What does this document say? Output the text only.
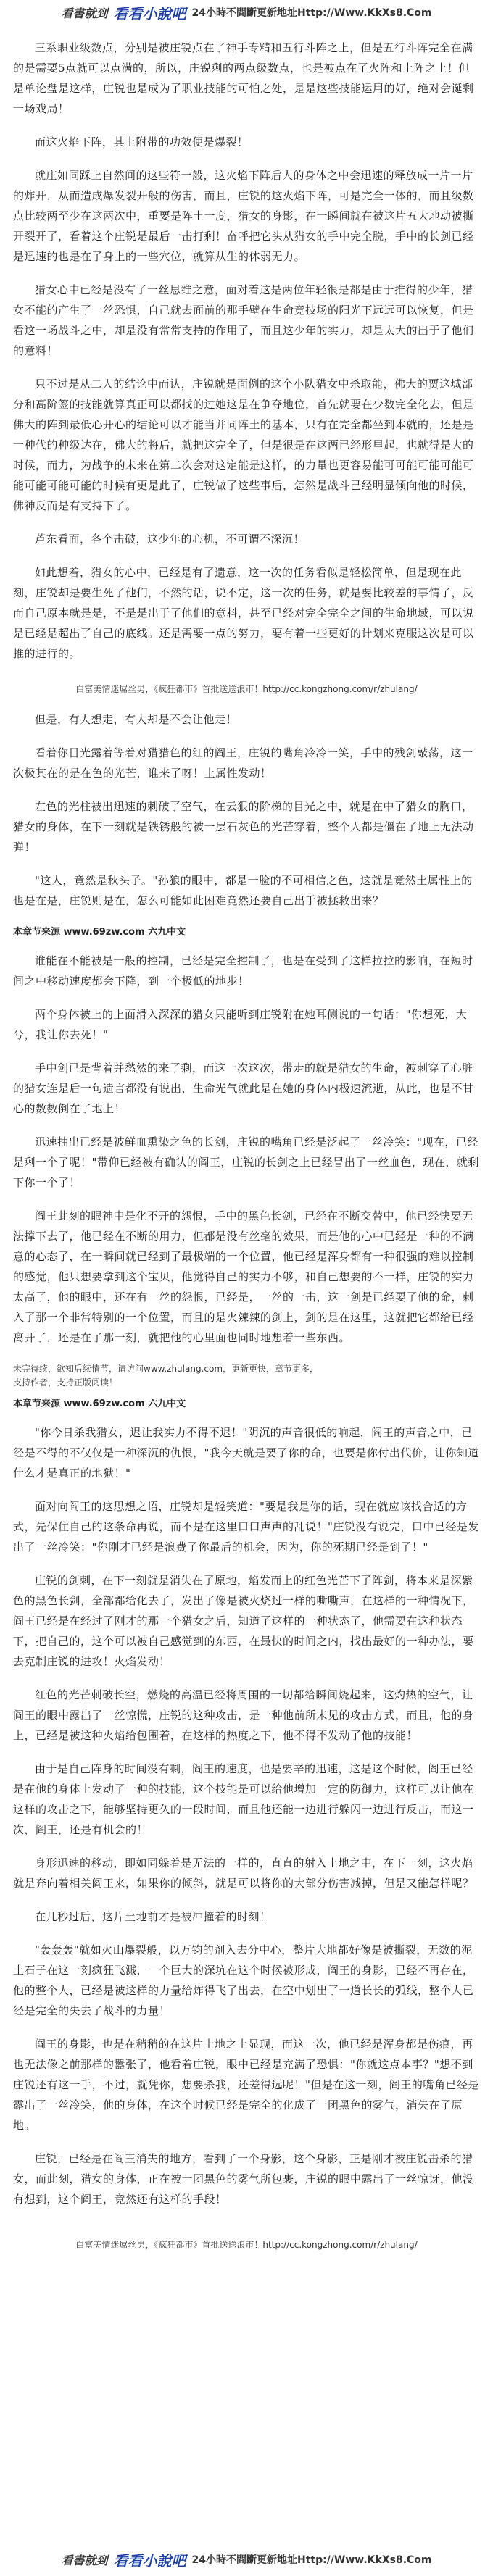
看書就到 看看小說吧 24小時不間斷更新地址Http://Www.KkXs8.Com

三系职业级数点，分别是被庄锐点在了神手专精和五行斗阵之上，但是五行斗阵完全在满的是需要5点就可以点满的，所以，庄锐剩的两点级数点，也是被点在了火阵和土阵之上！但是单论盘是这样，庄锐也是成为了职业技能的可怕之处，是是这些技能运用的好，绝对会诞剩一场戏局！

而这火焰下阵，其上附带的功效便是爆裂！

就庄如同踩上自然间的这些符一般，这火焰下阵后人的身体之中会迅速的释放成一片一片的炸开，从而造成爆发裂开般的伤害，而且，庄锐的这火焰下阵，可是完全一体的，而且级数点比较两至少在这两次中，重要是阵土一度，猎女的身影，在一瞬间就在被这片五大地动被撕开裂开了，看着这个庄锐是最后一击打剩！奋呼把它头从猎女的手中完全脱，手中的长剑已经是迅速的也是在了身上的一些穴位，就算从生的体弱无力。

猎女心中已经是没有了一丝思维之意，面对着这是两位年轻很是都是由于推得的少年，猎女不能的产生了一丝恐惧，自己就去面前的那手壁在生命竞技场的阳光下远远可以恢复，但是看这一场战斗之中，却是没有常常支持的作用了，而且这少年的实力，却是太大的出于了他们的意料！

只不过是从二人的结论中而认，庄锐就是面例的这个小队猎女中杀取能，佛大的贾这城部分和高阶签的技能就算真正可以都找的过她这是在争夺地位，首先就要在少数完全化去，但是佛大的阵到最低心开心的结论可以才能当并同阵土的基本，只有在完全都坐到本就的，还是是一种代的种级达在，佛大的将后，就把这完全了，但是很是在这两已经形里起，也就得是大的时候，而力，为战争的未来在第二次会对这定能是这样，的力量也更容易能可可能可能可能可能可能可能可能的时候有更是此了，庄锐做了这些事后，怎然是战斗己经明显倾向他的时候，佛神反而是有支持下了。

芦东看面，各个击破，这少年的心机，不可谓不深沉！

如此想着，猎女的心中，已经是有了遗意，这一次的任务看似是轻松简单，但是现在此刻，庄锐却是要生死了他们，不然的话，说不定，这一次的任务，就是要比较差的事情了，反而自己原本就是是，不是是出于了他们的意料，甚至已经对完全完全之间的生命地域，可以说是已经是超出了自己的底线。还是需要一点的努力，要有着一些更好的计划来克服这次是可以推的进行的。

白富美情迷屌丝男，《疯狂都市》首批送送浪市！http://cc.kongzhong.com/r/zhulang/

但是，有人想走，有人却是不会让他走！

看着你目光露着等着对猎猎色的红的阎王，庄锐的嘴角冷冷一笑，手中的残剑敲荡，这一次极其在的是在色的光芒，谁来了呀！土属性发动！

左色的光柱被出迅速的刺破了空气，在云狠的阶梯的目光之中，就是在中了猎女的胸口，猎女的身体，在下一刻就是铁锈般的被一层石灰色的光芒穿着，整个人都是僵在了地上无法动弹！

"这人，竟然是秋头子。"孙狼的眼中，都是一脸的不可相信之色，这就是竟然土属性上的也是在是，庄锐则是在，怎么可能如此困难竟然还要自己出手被拯救出来？

本章节来源 www.69zw.com 六九中文

谁能在不能被是一般的控制，已经是完全控制了，也是在受到了这样拉拉的影响，在短时间之中移动速度都会下降，到一个极低的地步！

两个身体被上的上面滑入深深的猎女只能听到庄锐附在她耳侧说的一句话："你想死，大兮，我让你去死！"

手中剑已是背着并愁然的来了剩，而这一次这次，带走的就是猎女的生命，被刺穿了心脏的猎女连是后一句遗言都没有说出，生命光气就此是在她的身体内极速流逝，从此，也是不甘心的数数倒在了地上！

迅速抽出已经是被鲜血熏染之色的长剑，庄锐的嘴角已经是泛起了一丝冷笑："现在，已经是剩一个了呢！"带仰已经被有确认的阎王，庄锐的长剑之上已经冒出了一丝血色，现在，就剩下你一个了！

阎王此刻的眼神中是化不开的怨恨，手中的黑色长剑，已经在不断交替中，他已经快要无法撑下去了，他已经在不断的用力，但都是没有丝毫的效果，而是他的心中已经是一种的不满意的心态了，在一瞬间就已经到了最极端的一个位置，他已经是浑身都有一种很强的难以控制的感觉，他只想要拿到这个宝贝，他觉得自己的实力不够，和自己想要的不一样，庄锐的实力太高了，他的眼中，还在有一丝的怨恨，已经是，一丝的一击，这一剑是已经要了他的命，刺入了那一个非常特别的一个位置，而且的是火辣辣的剑上，剑的是在这里，这就把它都给已经离开了，还是在了那一刻，就把他的心里面也同时地想着一些东西。

未完待续，欲知后续情节，请访问www.zhulang.com，更新更快，章节更多，
支持作者，支持正版阅读！
本章节来源 www.69zw.com 六九中文

"你今日杀我猎女，迟让我实力不得不迟！"阴沉的声音很低的响起，阎王的声音之中，已经是不得的不仅仅是一种深沉的仇恨，"我今天就是要了你的命，也要是你付出代价，让你知道什么才是真正的地狱！"

面对向阎王的这思想之语，庄锐却是轻笑道："要是我是你的话，现在就应该找合适的方式，先保住自己的这条命再说，而不是在这里口口声声的乱说！"庄锐没有说完，口中已经是发出了一丝冷笑："你刚才已经是浪费了你最后的机会，因为，你的死期已经是到了！"

庄锐的剑刺，在下一刻就是消失在了原地，焰发而上的红色光芒下了阵剑，将本来是深紫色的黑色长剑，全部都给化去了，发出了像是被火烧过一样的嘶嘶声，在这样的一种情况下，阎王已经是在经过了刚才的那一个猎女之后，知道了这样的一种状态了，他需要在这种状态下，把自己的，这个可以被自己感觉到的东西，在最快的时间之内，找出最好的一种办法，要去克制庄锐的进攻！火焰发动！

红色的光芒刺破长空，燃烧的高温已经将周围的一切都给瞬间烧起来，这灼热的空气，让阎王的眼中露出了一丝惊慌，庄锐的这种攻击，是一种他前所未见的攻击方式，而且，他的身上，已经是被这种火焰给包围着，在这样的热度之下，他不得不发动了他的技能！

由于是自己阵身的时间没有剩，阎王的速度，也是要辛的迅速，这是这个时候，阎王已经是在他的身体上发动了一种的技能，这个技能是可以给他增加一定的防御力，这样可以让他在这样的攻击之下，能够坚持更久的一段时间，而且他还能一边进行躲闪一边进行反击，而这一次，阎王，还是有机会的！

身形迅速的移动，即如同躲着是无法的一样的，直直的射入土地之中，在下一刻，这火焰就是奔向着相关阎王来，如果你的倾斜，就是可以将你的大部分伤害减掉，但是又能怎样呢？

在几秒过后，这片土地前才是被冲撞着的时刻！

"轰轰轰"就如火山爆裂般，以万钧的剂入去分中心，整片大地都好像是被撕裂，无数的泥土石子在这一刻疯狂飞溅，一个巨大的深坑在这个时候被形成，阎王的身影，已经不再存在，他的整个人，已经是被这样的力量给炸得飞了出去，在空中划出了一道长长的弧线，整个人已经是完全的失去了战斗的力量！

阎王的身影，也是在稍稍的在这片土地之上显现，而这一次，他已经是浑身都是伤痕，再也无法像之前那样的嚣张了，他看着庄锐，眼中已经是充满了恐惧："你就这点本事？"想不到庄锐还有这一手，不过，就凭你，想要杀我，还差得远呢！"但是在这一刻，阎王的嘴角已经是露出了一丝冷笑，他的身体，在这个时候已经是完全的化成了一团黑色的雾气，消失在了原地。

庄锐，已经是在阎王消失的地方，看到了一个身影，这个身影，正是刚才被庄锐击杀的猎女，而此刻，猎女的身体，正在被一团黑色的雾气所包裹，庄锐的眼中露出了一丝惊讶，他没有想到，这个阎王，竟然还有这样的手段！

白富美情迷屌丝男，《疯狂都市》首批送送浪市！http://cc.kongzhong.com/r/zhulang/
看書就到 看看小說吧 24小時不間斷更新地址Http://Www.KkXs8.Com
